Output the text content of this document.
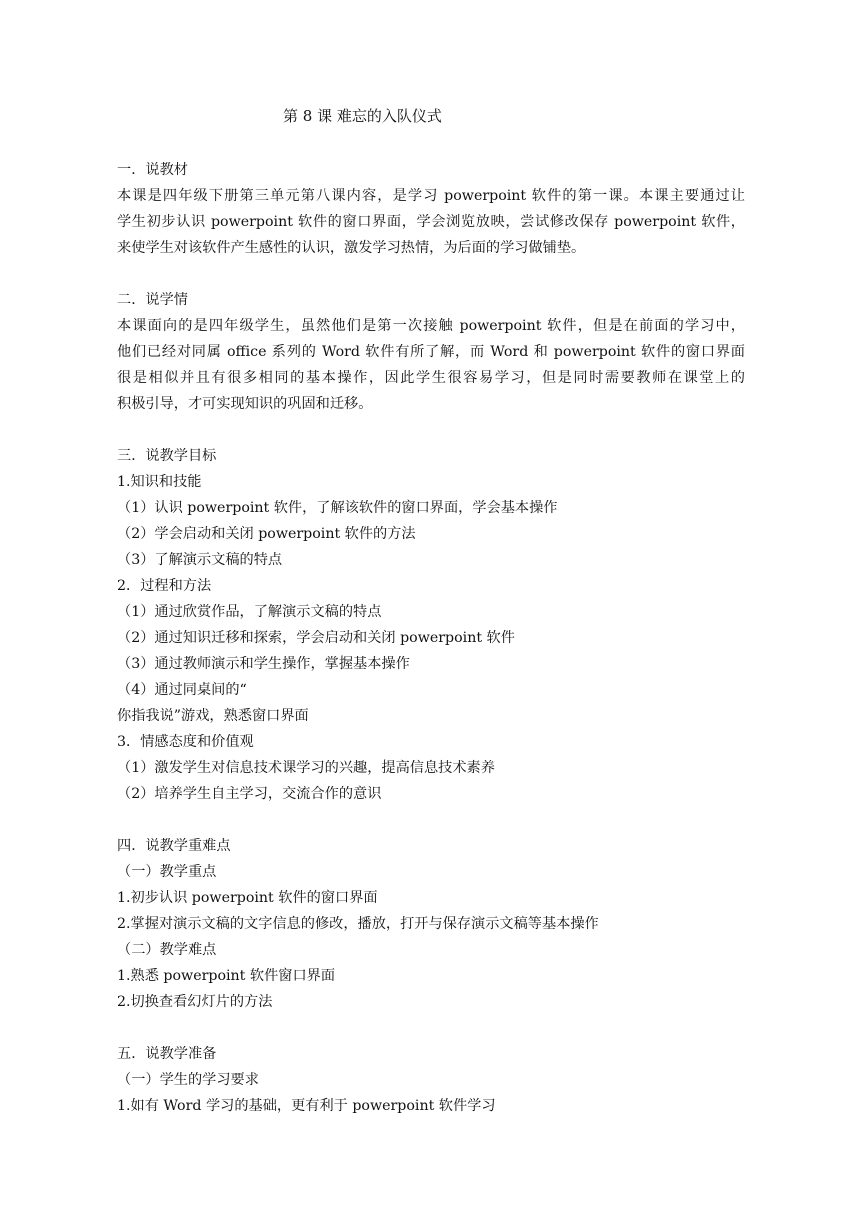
第 8 课 难忘的入队仪式
一．说教材
本课是四年级下册第三单元第八课内容，是学习 powerpoint 软件的第一课。本课主要通过让
学生初步认识 powerpoint 软件的窗口界面，学会浏览放映，尝试修改保存 powerpoint 软件，
来使学生对该软件产生感性的认识，激发学习热情，为后面的学习做铺垫。
二．说学情
本课面向的是四年级学生，虽然他们是第一次接触 powerpoint 软件，但是在前面的学习中，
他们已经对同属 office 系列的 Word 软件有所了解，而 Word 和 powerpoint 软件的窗口界面
很是相似并且有很多相同的基本操作，因此学生很容易学习，但是同时需要教师在课堂上的
积极引导，才可实现知识的巩固和迁移。
三．说教学目标
1.知识和技能
（1）认识 powerpoint 软件，了解该软件的窗口界面，学会基本操作
（2）学会启动和关闭 powerpoint 软件的方法
（3）了解演示文稿的特点
2．过程和方法
（1）通过欣赏作品，了解演示文稿的特点
（2）通过知识迁移和探索，学会启动和关闭 powerpoint 软件
（3）通过教师演示和学生操作，掌握基本操作
（4）通过同桌间的“
你指我说”游戏，熟悉窗口界面
3．情感态度和价值观
（1）激发学生对信息技术课学习的兴趣，提高信息技术素养
（2）培养学生自主学习，交流合作的意识
四．说教学重难点
（一）教学重点
1.初步认识 powerpoint 软件的窗口界面
2.掌握对演示文稿的文字信息的修改，播放，打开与保存演示文稿等基本操作
（二）教学难点
1.熟悉 powerpoint 软件窗口界面
2.切换查看幻灯片的方法
五．说教学准备
（一）学生的学习要求
1.如有 Word 学习的基础，更有利于 powerpoint 软件学习
